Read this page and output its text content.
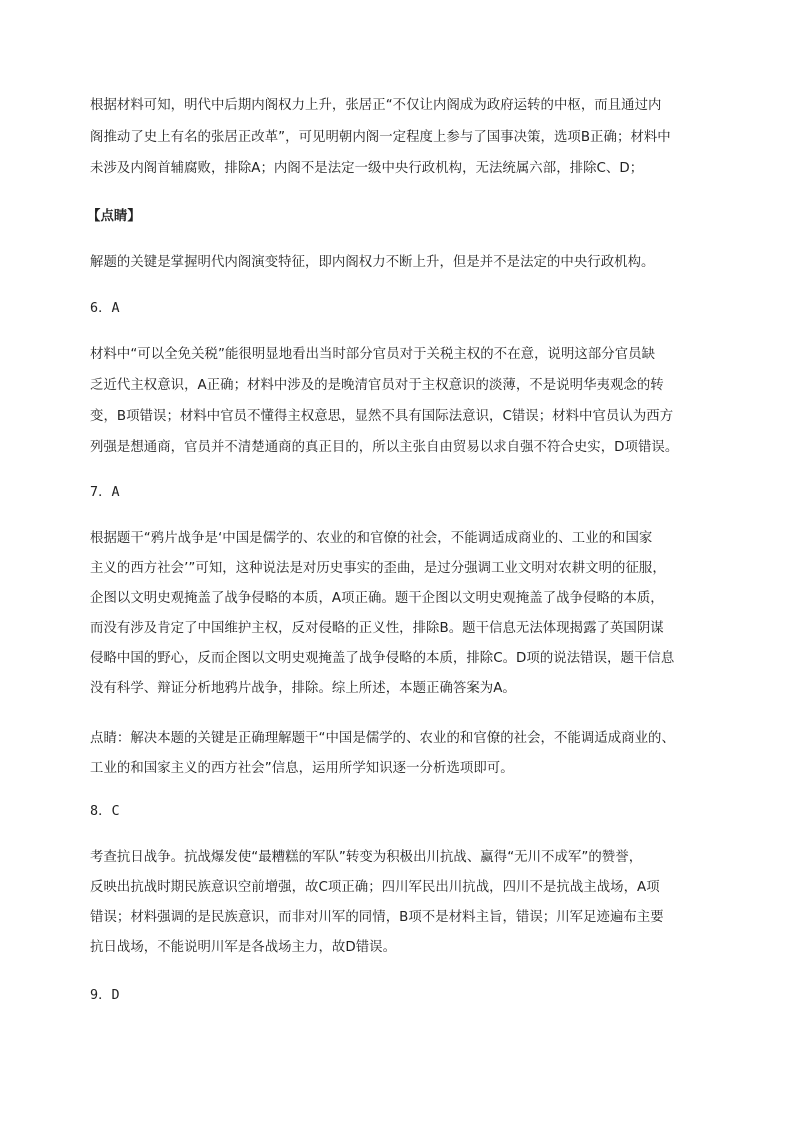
根据材料可知，明代中后期内阁权力上升，张居正“不仅让内阁成为政府运转的中枢，而且通过内
阁推动了史上有名的张居正改革”，可见明朝内阁一定程度上参与了国事决策，选项B正确；材料中
未涉及内阁首辅腐败，排除A；内阁不是法定一级中央行政机构，无法统属六部，排除C、D；
【点睛】
解题的关键是掌握明代内阁演变特征，即内阁权力不断上升，但是并不是法定的中央行政机构。
6．A
材料中“可以全免关税”能很明显地看出当时部分官员对于关税主权的不在意，说明这部分官员缺
乏近代主权意识，A正确；材料中涉及的是晚清官员对于主权意识的淡薄，不是说明华夷观念的转
变，B项错误；材料中官员不懂得主权意思，显然不具有国际法意识，C错误；材料中官员认为西方
列强是想通商，官员并不清楚通商的真正目的，所以主张自由贸易以求自强不符合史实，D项错误。
7．A
根据题干“鸦片战争是‘中国是儒学的、农业的和官僚的社会，不能调适成商业的、工业的和国家
主义的西方社会’”可知，这种说法是对历史事实的歪曲，是过分强调工业文明对农耕文明的征服，
企图以文明史观掩盖了战争侵略的本质，A项正确。题干企图以文明史观掩盖了战争侵略的本质，
而没有涉及肯定了中国维护主权，反对侵略的正义性，排除B。题干信息无法体现揭露了英国阴谋
侵略中国的野心，反而企图以文明史观掩盖了战争侵略的本质，排除C。D项的说法错误，题干信息
没有科学、辩证分析地鸦片战争，排除。综上所述，本题正确答案为A。
点睛：解决本题的关键是正确理解题干“中国是儒学的、农业的和官僚的社会，不能调适成商业的、
工业的和国家主义的西方社会”信息，运用所学知识逐一分析选项即可。
8．C
考查抗日战争。抗战爆发使“最糟糕的军队”转变为积极出川抗战、赢得“无川不成军”的赞誉，
反映出抗战时期民族意识空前增强，故C项正确；四川军民出川抗战，四川不是抗战主战场，A项
错误；材料强调的是民族意识，而非对川军的同情，B项不是材料主旨，错误；川军足迹遍布主要
抗日战场，不能说明川军是各战场主力，故D错误。
9．D
